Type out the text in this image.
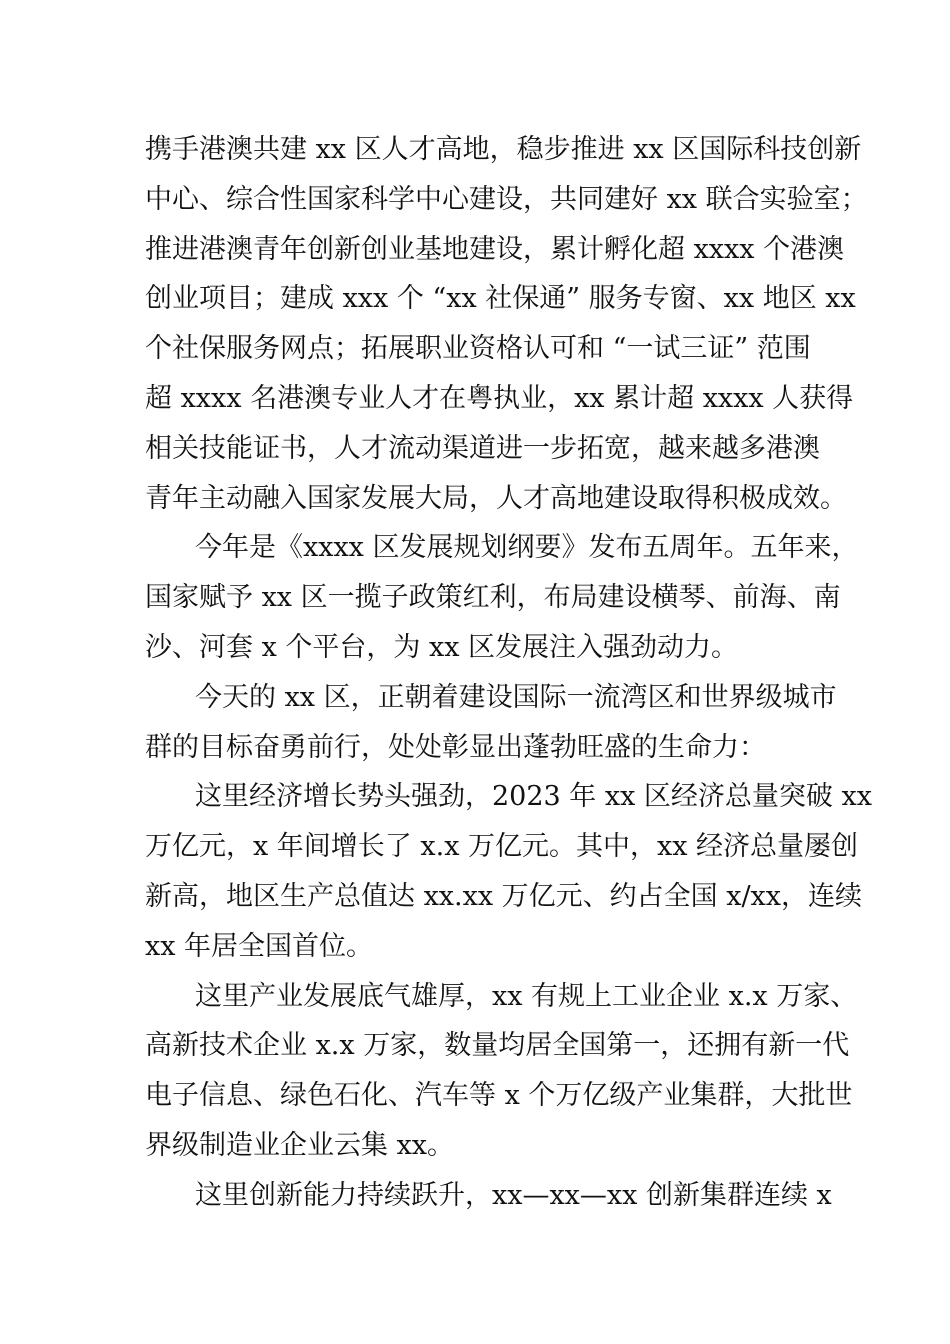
携手港澳共建 xx 区人才高地，稳步推进 xx 区国际科技创新
中心、综合性国家科学中心建设，共同建好 xx 联合实验室；
推进港澳青年创新创业基地建设，累计孵化超 xxxx 个港澳
创业项目；建成 xxx 个 “xx 社保通” 服务专窗、xx 地区 xx
个社保服务网点；拓展职业资格认可和 “一试三证” 范围
超 xxxx 名港澳专业人才在粤执业，xx 累计超 xxxx 人获得
相关技能证书，人才流动渠道进一步拓宽，越来越多港澳
青年主动融入国家发展大局，人才高地建设取得积极成效。

今年是《xxxx 区发展规划纲要》发布五周年。五年来，
国家赋予 xx 区一揽子政策红利，布局建设横琴、前海、南
沙、河套 x 个平台，为 xx 区发展注入强劲动力。

今天的 xx 区，正朝着建设国际一流湾区和世界级城市
群的目标奋勇前行，处处彰显出蓬勃旺盛的生命力：

这里经济增长势头强劲，2023 年 xx 区经济总量突破 xx
万亿元，x 年间增长了 x.x 万亿元。其中，xx 经济总量屡创
新高，地区生产总值达 xx.xx 万亿元、约占全国 x/xx，连续
xx 年居全国首位。

这里产业发展底气雄厚，xx 有规上工业企业 x.x 万家、
高新技术企业 x.x 万家，数量均居全国第一，还拥有新一代
电子信息、绿色石化、汽车等 x 个万亿级产业集群，大批世
界级制造业企业云集 xx。

这里创新能力持续跃升，xx—xx—xx 创新集群连续 x
